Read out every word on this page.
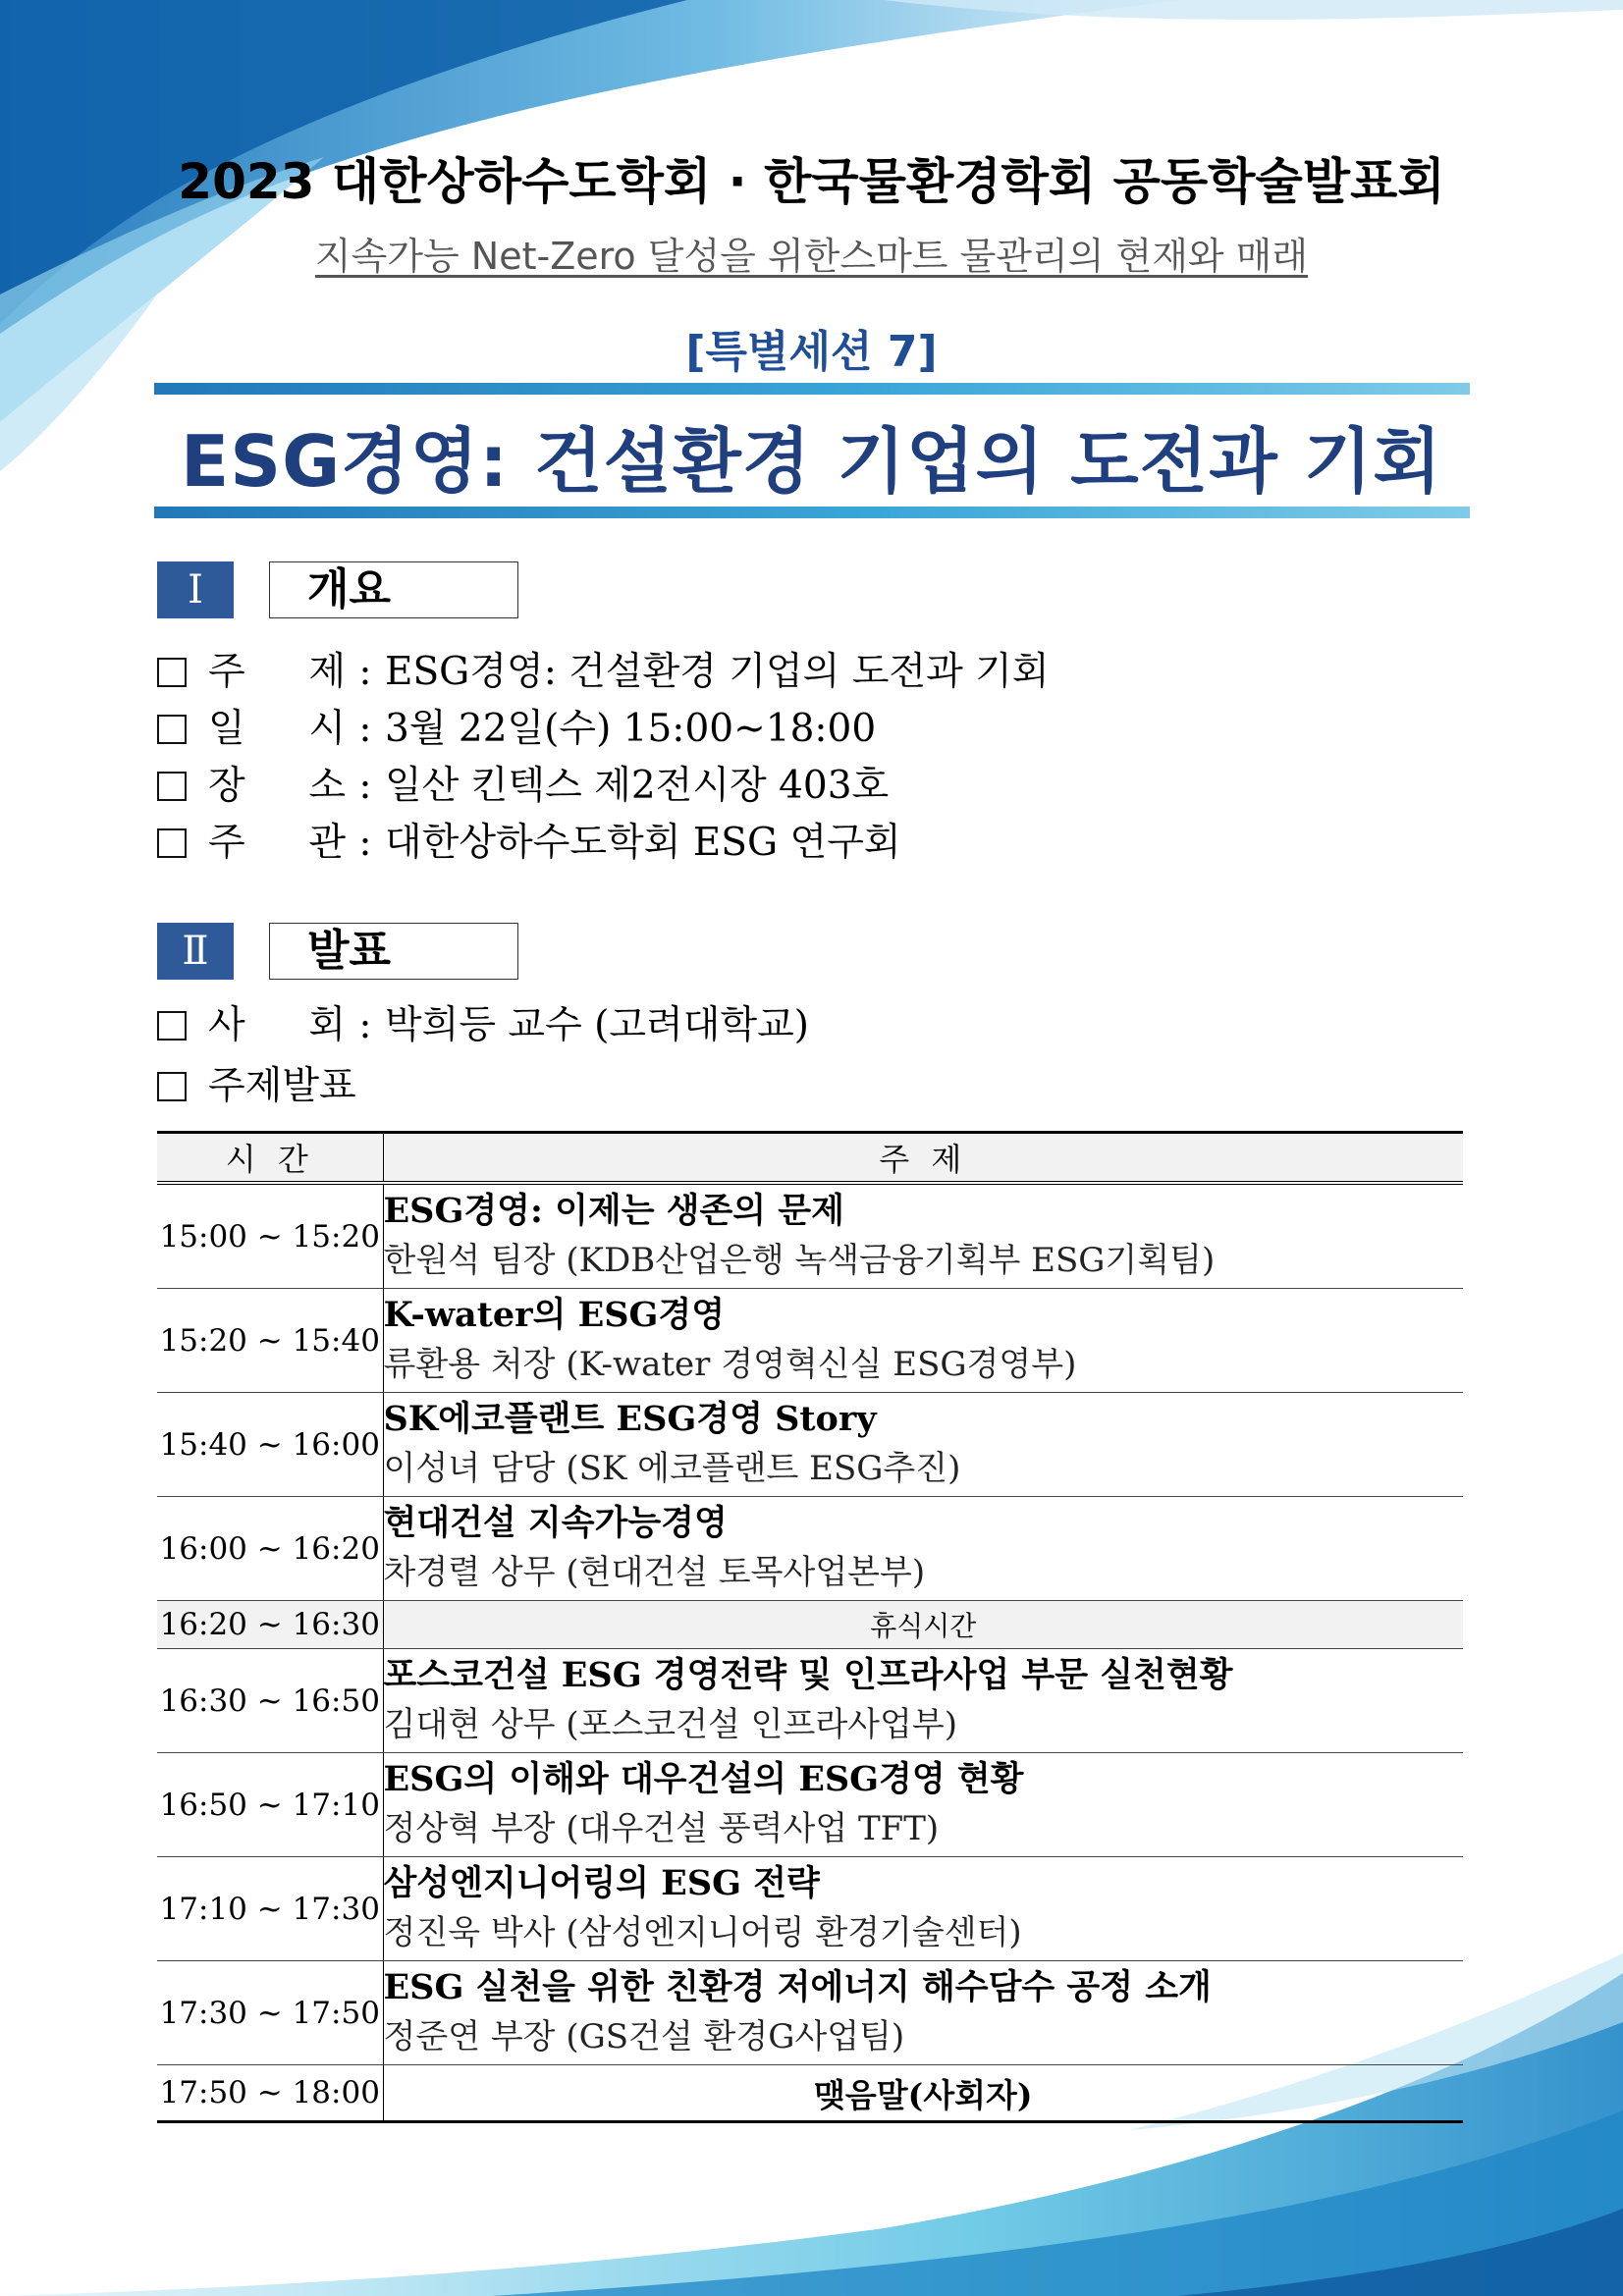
2023 대한상하수도학회 · 한국물환경학회 공동학술발표회
지속가능 Net-Zero 달성을 위한스마트 물관리의 현재와 매래
[특별세션 7]
ESG경영: 건설환경 기업의 도전과 기회
Ⅰ	개요
주 제 : ESG경영: 건설환경 기업의 도전과 기회
일 시 : 3월 22일(수) 15:00~18:00
장 소 : 일산 킨텍스 제2전시장 403호
주 관 : 대한상하수도학회 ESG 연구회
Ⅱ	발표
사 회 : 박희등 교수 (고려대학교)
주제발표
시 간	주 제
15:00 ~ 15:20	ESG경영: 이제는 생존의 문제
한원석 팀장 (KDB산업은행 녹색금융기획부 ESG기획팀)

15:20 ~ 15:40	K-water의 ESG경영
류환용 처장 (K-water 경영혁신실 ESG경영부)

15:40 ~ 16:00	SK에코플랜트 ESG경영 Story
이성녀 담당 (SK 에코플랜트 ESG추진)

16:00 ~ 16:20	현대건설 지속가능경영
차경렬 상무 (현대건설 토목사업본부)

16:20 ~ 16:30	휴식시간
16:30 ~ 16:50	포스코건설 ESG 경영전략 및 인프라사업 부문 실천현황
김대현 상무 (포스코건설 인프라사업부)

16:50 ~ 17:10	ESG의 이해와 대우건설의 ESG경영 현황
정상혁 부장 (대우건설 풍력사업 TFT)

17:10 ~ 17:30	삼성엔지니어링의 ESG 전략
정진욱 박사 (삼성엔지니어링 환경기술센터)

17:30 ~ 17:50	ESG 실천을 위한 친환경 저에너지 해수담수 공정 소개
정준연 부장 (GS건설 환경G사업팀)

17:50 ~ 18:00	맺음말(사회자)
